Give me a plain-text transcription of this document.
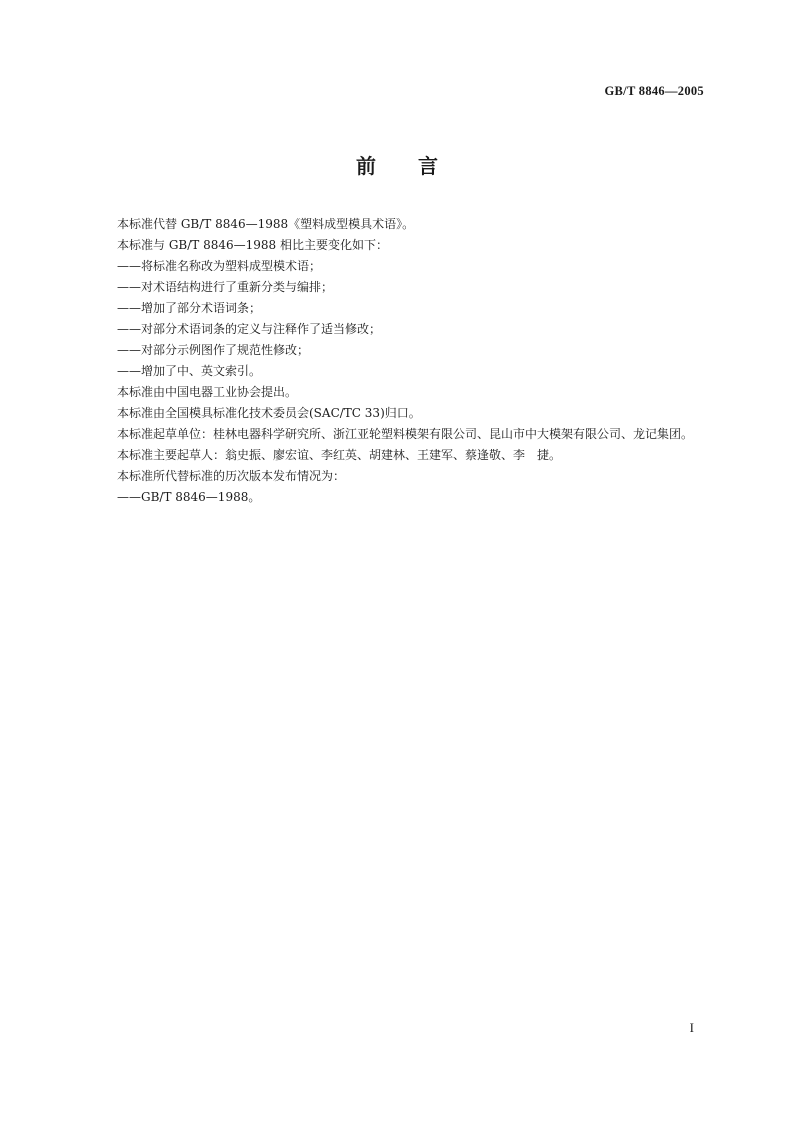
GB/T 8846—2005
前 言

本标准代替 GB/T 8846—1988《塑料成型模具术语》。

本标准与 GB/T 8846—1988 相比主要变化如下：

——将标准名称改为塑料成型模术语；

——对术语结构进行了重新分类与编排；

——增加了部分术语词条；

——对部分术语词条的定义与注释作了适当修改；

——对部分示例图作了规范性修改；

——增加了中、英文索引。

本标准由中国电器工业协会提出。

本标准由全国模具标准化技术委员会(SAC/TC 33)归口。

本标准起草单位：桂林电器科学研究所、浙江亚轮塑料模架有限公司、昆山市中大模架有限公司、龙记集团。

本标准主要起草人：翁史振、廖宏谊、李红英、胡建林、王建军、蔡逢敬、李　捷。

本标准所代替标准的历次版本发布情况为：

——GB/T 8846—1988。

I
